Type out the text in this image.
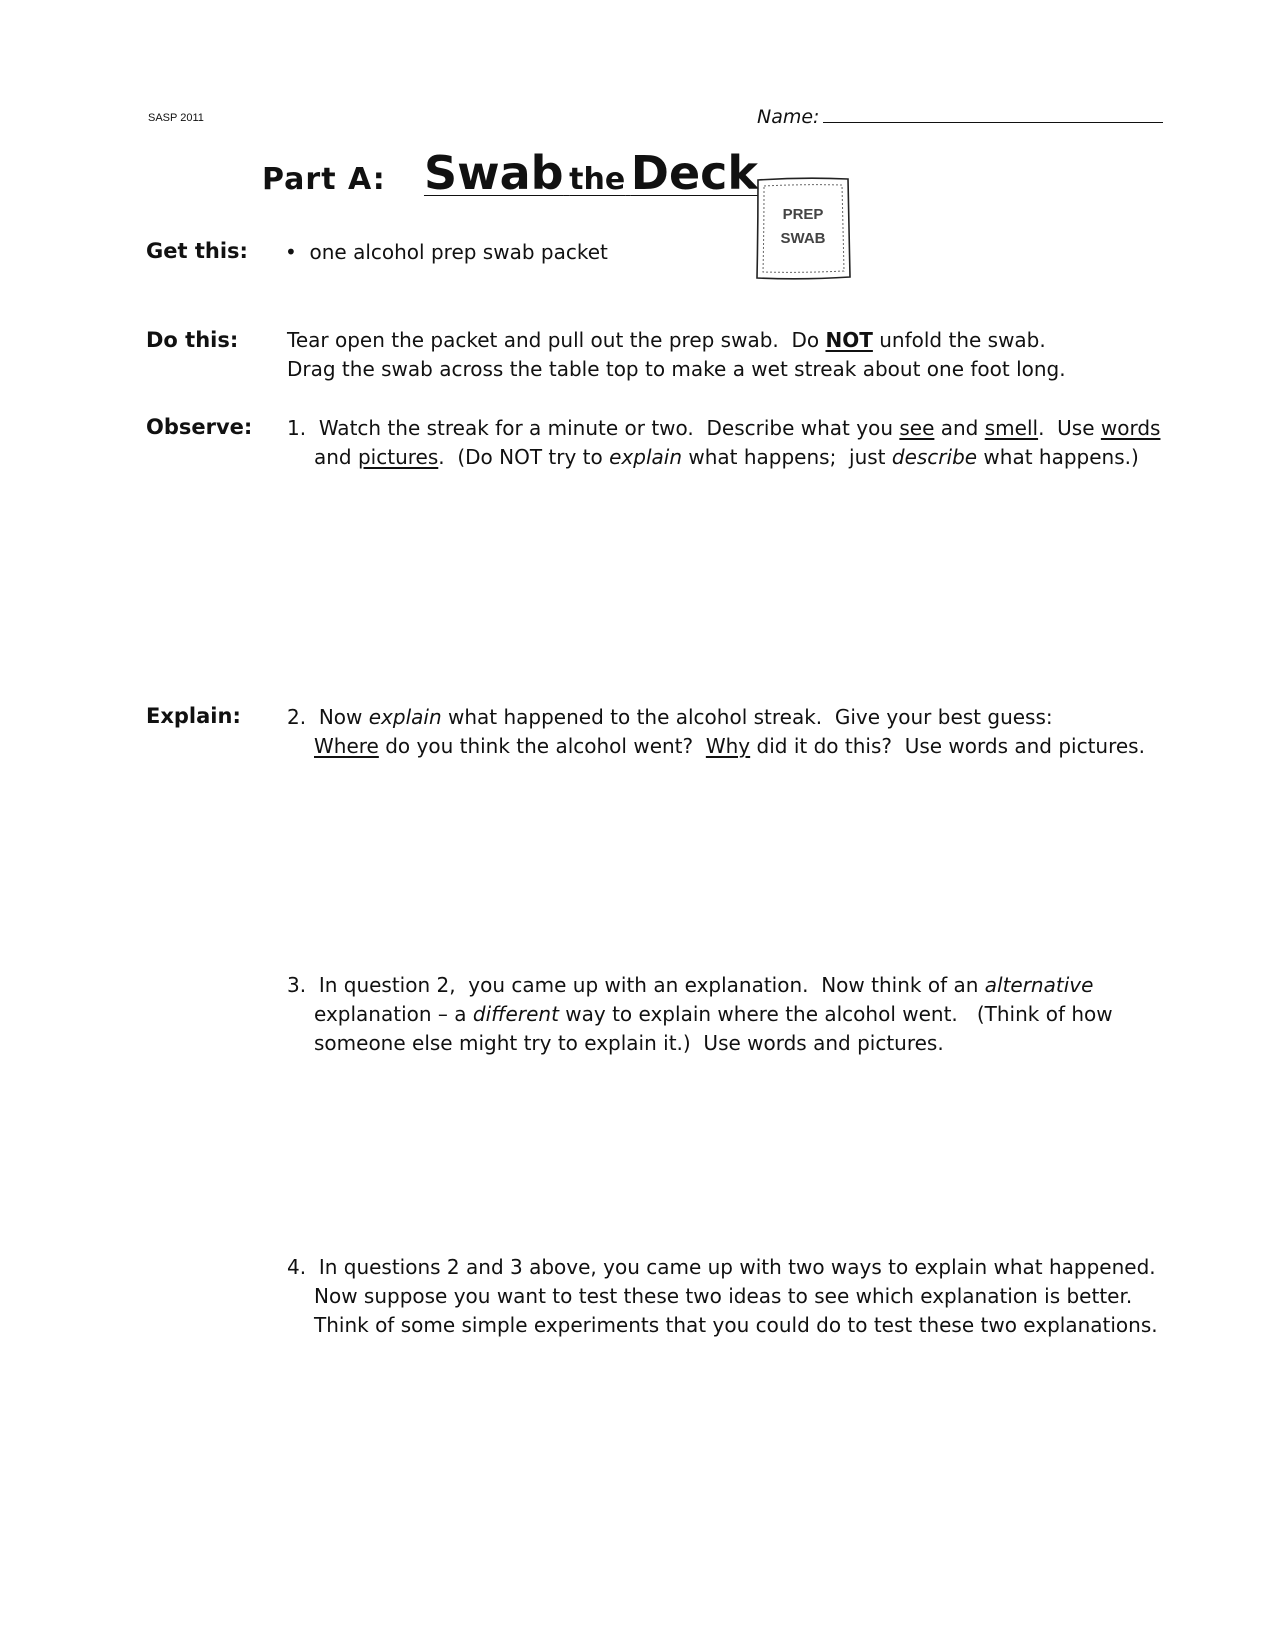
SASP 2011	Name:
Part A: Swab the Deck
PREP
SWAB
Get this: • one alcohol prep swab packet
Do this: Tear open the packet and pull out the prep swab.  Do NOT unfold the swab.
Drag the swab across the table top to make a wet streak about one foot long.
Observe: 1. Watch the streak for a minute or two.  Describe what you see and smell.  Use words
and pictures.  (Do NOT try to explain what happens;  just describe what happens.)
Explain: 2. Now explain what happened to the alcohol streak.  Give your best guess:
Where do you think the alcohol went?  Why did it do this?  Use words and pictures.
3. In question 2,  you came up with an explanation.  Now think of an alternative
explanation – a different way to explain where the alcohol went.   (Think of how
someone else might try to explain it.)  Use words and pictures.
4. In questions 2 and 3 above, you came up with two ways to explain what happened.
Now suppose you want to test these two ideas to see which explanation is better.
Think of some simple experiments that you could do to test these two explanations.
